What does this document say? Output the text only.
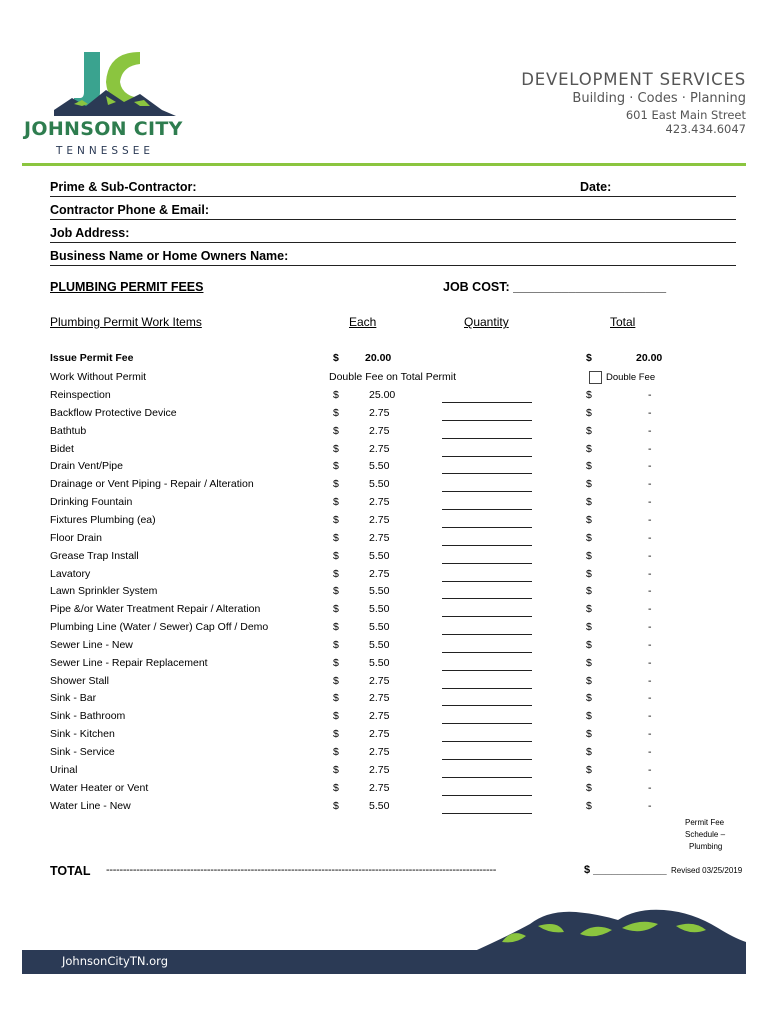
JOHNSON CITY
TENNESSEE
DEVELOPMENT SERVICES
Building · Codes · Planning
601 East Main Street
423.434.6047
Prime & Sub-Contractor:	Date:
Contractor Phone & Email:
Job Address:
Business Name or Home Owners Name:
PLUMBING PERMIT FEES	JOB COST: ______________________
Plumbing Permit Work Items	Each	Quantity	Total
Issue Permit Fee	$ 20.00	$	20.00
Work Without Permit	Double Fee on Total Permit	Double Fee
Reinspection	$	25.00	$	-
Backflow Protective Device	$	2.75	$	-
Bathtub	$	2.75	$	-
Bidet	$	2.75	$	-
Drain Vent/Pipe	$	5.50	$	-
Drainage or Vent Piping - Repair / Alteration	$	5.50	$	-
Drinking Fountain	$	2.75	$	-
Fixtures Plumbing (ea)	$	2.75	$	-
Floor Drain	$	2.75	$	-
Grease Trap Install	$	5.50	$	-
Lavatory	$	2.75	$	-
Lawn Sprinkler System	$	5.50	$	-
Pipe &/or Water Treatment Repair / Alteration	$	5.50	$	-
Plumbing Line (Water / Sewer) Cap Off / Demo	$	5.50	$	-
Sewer Line - New	$	5.50	$	-
Sewer Line - Repair Replacement	$	5.50	$	-
Shower Stall	$	2.75	$	-
Sink - Bar	$	2.75	$	-
Sink - Bathroom	$	2.75	$	-
Sink - Kitchen	$	2.75	$	-
Sink - Service	$	2.75	$	-
Urinal	$	2.75	$	-
Water Heater or Vent	$	2.75	$	-
Water Line - New	$	5.50	$	-
Permit Fee
Schedule –
Plumbing
TOTAL --------------------------------------------------------------------------------------------------------------------	$ ____________ Revised 03/25/2019
JohnsonCityTN.org
